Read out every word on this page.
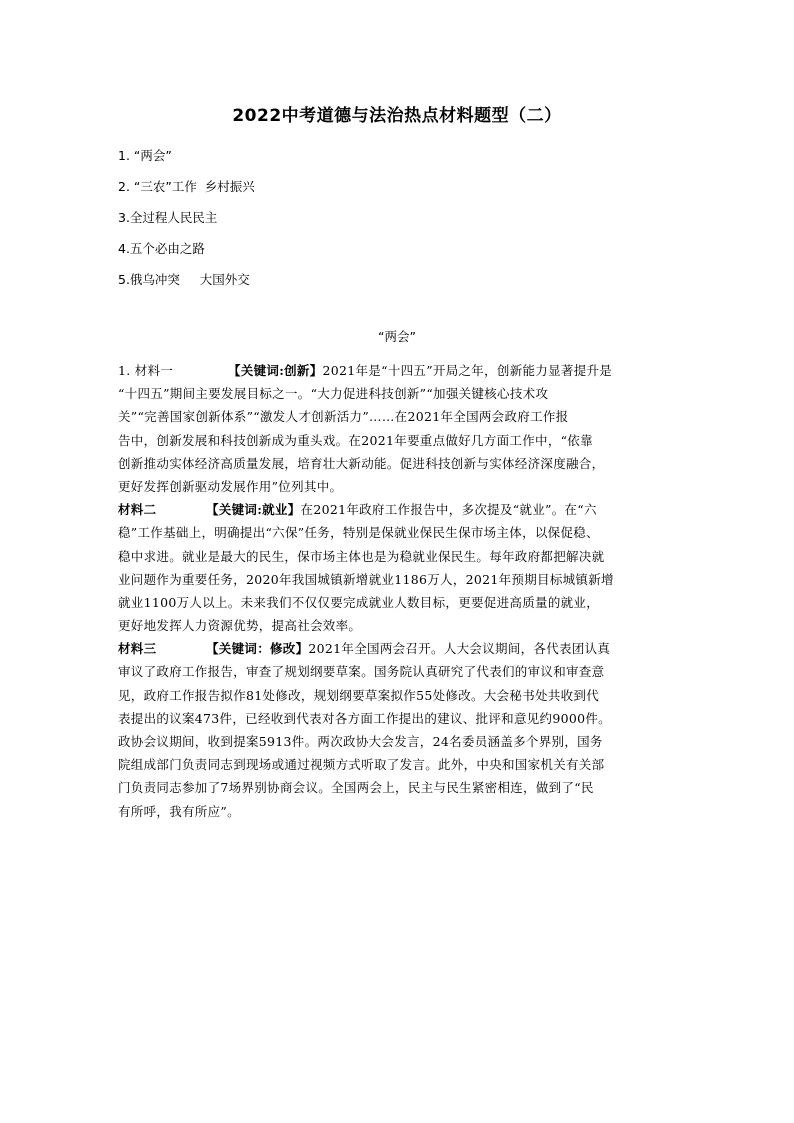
2022中考道德与法治热点材料题型（二）
1. “两会”
2. “三农”工作  乡村振兴
3.全过程人民民主
4.五个必由之路
5.俄乌冲突     大国外交
“两会”
1. 材料一	【关键词:创新】2021年是“十四五”开局之年，创新能力显著提升是
“十四五”期间主要发展目标之一。“大力促进科技创新”“加强关键核心技术攻
关”“完善国家创新体系”“激发人才创新活力”……在2021年全国两会政府工作报
告中，创新发展和科技创新成为重头戏。在2021年要重点做好几方面工作中，“依靠
创新推动实体经济高质量发展，培育壮大新动能。促进科技创新与实体经济深度融合，
更好发挥创新驱动发展作用”位列其中。
材料二	【关键词:就业】在2021年政府工作报告中，多次提及“就业”。在“六
稳”工作基础上，明确提出“六保”任务，特别是保就业保民生保市场主体，以保促稳、
稳中求进。就业是最大的民生，保市场主体也是为稳就业保民生。每年政府都把解决就
业问题作为重要任务，2020年我国城镇新增就业1186万人，2021年预期目标城镇新增
就业1100万人以上。未来我们不仅仅要完成就业人数目标，更要促进高质量的就业，
更好地发挥人力资源优势，提高社会效率。
材料三	【关键词：修改】2021年全国两会召开。人大会议期间，各代表团认真
审议了政府工作报告，审查了规划纲要草案。国务院认真研究了代表们的审议和审查意
见，政府工作报告拟作81处修改，规划纲要草案拟作55处修改。大会秘书处共收到代
表提出的议案473件，已经收到代表对各方面工作提出的建议、批评和意见约9000件。
政协会议期间，收到提案5913件。两次政协大会发言，24名委员涵盖多个界别，国务
院组成部门负责同志到现场或通过视频方式听取了发言。此外，中央和国家机关有关部
门负责同志参加了7场界别协商会议。全国两会上，民主与民生紧密相连，做到了“民
有所呼，我有所应”。
